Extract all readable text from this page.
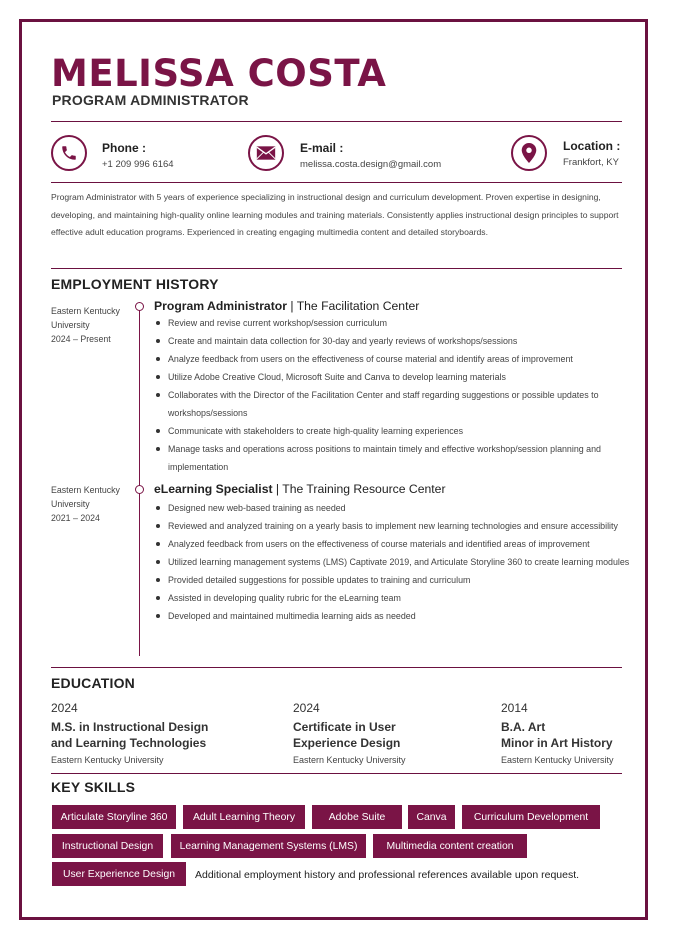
MELISSA COSTA
PROGRAM ADMINISTRATOR
Phone :
+1 209 996 6164
E-mail :
melissa.costa.design@gmail.com
Location :
Frankfort, KY
Program Administrator with 5 years of experience specializing in instructional design and curriculum development. Proven expertise in designing, developing, and maintaining high-quality online learning modules and training materials. Consistently applies instructional design principles to support effective adult education programs. Experienced in creating engaging multimedia content and detailed storyboards.
EMPLOYMENT HISTORY
Eastern Kentucky University
2024 – Present
Program Administrator | The Facilitation Center
Review and revise current workshop/session curriculum
Create and maintain data collection for 30-day and yearly reviews of workshops/sessions
Analyze feedback from users on the effectiveness of course material and identify areas of improvement
Utilize Adobe Creative Cloud, Microsoft Suite and Canva to develop learning materials
Collaborates with the Director of the Facilitation Center and staff regarding suggestions or possible updates to workshops/sessions
Communicate with stakeholders to create high-quality learning experiences
Manage tasks and operations across positions to maintain timely and effective workshop/session planning and implementation
Eastern Kentucky University
2021 – 2024
eLearning Specialist | The Training Resource Center
Designed new web-based training as needed
Reviewed and analyzed training on a yearly basis to implement new learning technologies and ensure accessibility
Analyzed feedback from users on the effectiveness of course materials and identified areas of improvement
Utilized learning management systems (LMS) Captivate 2019, and Articulate Storyline 360 to create learning modules
Provided detailed suggestions for possible updates to training and curriculum
Assisted in developing quality rubric for the eLearning team
Developed and maintained multimedia learning aids as needed
EDUCATION
2024
M.S. in Instructional Design
and Learning Technologies
Eastern Kentucky University
2024
Certificate in User
Experience Design
Eastern Kentucky University
2014
B.A. Art
Minor in Art History
Eastern Kentucky University
KEY SKILLS
Articulate Storyline 360	Adult Learning Theory	Adobe Suite	Canva	Curriculum Development
Instructional Design	Learning Management Systems (LMS)	Multimedia content creation
User Experience Design	Additional employment history and professional references available upon request.
